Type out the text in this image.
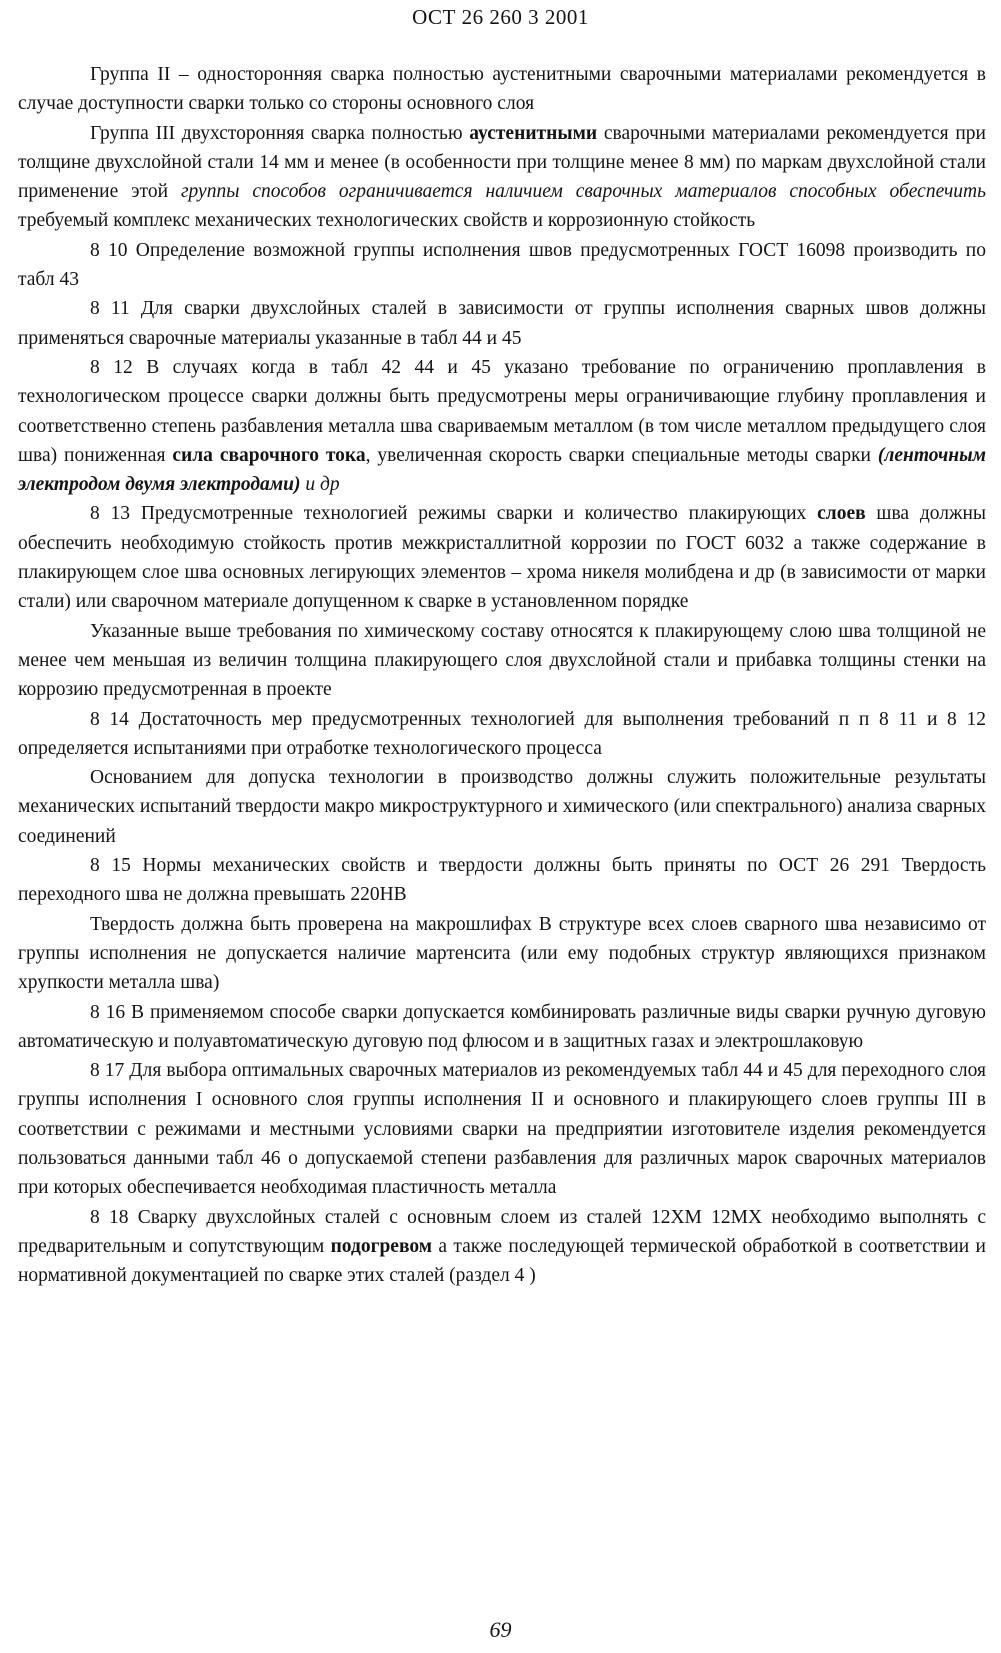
ОСТ 26 260 3 2001

Группа II – односторонняя сварка полностью аустенитными сварочными материалами рекомендуется в случае доступности сварки только со стороны основного слоя

Группа III двухсторонняя сварка полностью аустенитными сварочными материалами рекомендуется при толщине двухслойной стали 14 мм и менее (в особенности при толщине менее 8 мм) по маркам двухслойной стали применение этой группы способов ограничивается наличием сварочных материалов способных обеспечить требуемый комплекс механических технологических свойств и коррозионную стойкость

8 10 Определение возможной группы исполнения швов предусмотренных ГОСТ 16098 производить по табл 43

8 11 Для сварки двухслойных сталей в зависимости от группы исполнения сварных швов должны применяться сварочные материалы указанные в табл 44 и 45

8 12 В случаях когда в табл 42 44 и 45 указано требование по ограничению проплавления в технологическом процессе сварки должны быть предусмотрены меры ограничивающие глубину проплавления и соответственно степень разбавления металла шва свариваемым металлом (в том числе металлом предыдущего слоя шва) пониженная сила сварочного тока, увеличенная скорость сварки специальные методы сварки (ленточным электродом двумя электродами) и др

8 13 Предусмотренные технологией режимы сварки и количество плакирующих слоев шва должны обеспечить необходимую стойкость против межкристаллитной коррозии по ГОСТ 6032 а также содержание в плакирующем слое шва основных легирующих элементов – хрома никеля молибдена и др (в зависимости от марки стали) или сварочном материале допущенном к сварке в установленном порядке

Указанные выше требования по химическому составу относятся к плакирующему слою шва толщиной не менее чем меньшая из величин толщина плакирующего слоя двухслойной стали и прибавка толщины стенки на коррозию предусмотренная в проекте

8 14 Достаточность мер предусмотренных технологией для выполнения требований п п 8 11 и 8 12 определяется испытаниями при отработке технологического процесса

Основанием для допуска технологии в производство должны служить положительные результаты механических испытаний твердости макро микроструктурного и химического (или спектрального) анализа сварных соединений

8 15 Нормы механических свойств и твердости должны быть приняты по ОСТ 26 291 Твердость переходного шва не должна превышать 220HB

Твердость должна быть проверена на макрошлифах В структуре всех слоев сварного шва независимо от группы исполнения не допускается наличие мартенсита (или ему подобных структур являющихся признаком хрупкости металла шва)

8 16 В применяемом способе сварки допускается комбинировать различные виды сварки ручную дуговую автоматическую и полуавтоматическую дуговую под флюсом и в защитных газах и электрошлаковую

8 17 Для выбора оптимальных сварочных материалов из рекомендуемых табл 44 и 45 для переходного слоя группы исполнения I основного слоя группы исполнения II и основного и плакирующего слоев группы III в соответствии с режимами и местными условиями сварки на предприятии изготовителе изделия рекомендуется пользоваться данными табл 46 о допускаемой степени разбавления для различных марок сварочных материалов при которых обеспечивается необходимая пластичность металла

8 18 Сварку двухслойных сталей с основным слоем из сталей 12ХМ 12МХ необходимо выполнять с предварительным и сопутствующим подогревом а также последующей термической обработкой в соответствии и нормативной документацией по сварке этих сталей (раздел 4 )

69
